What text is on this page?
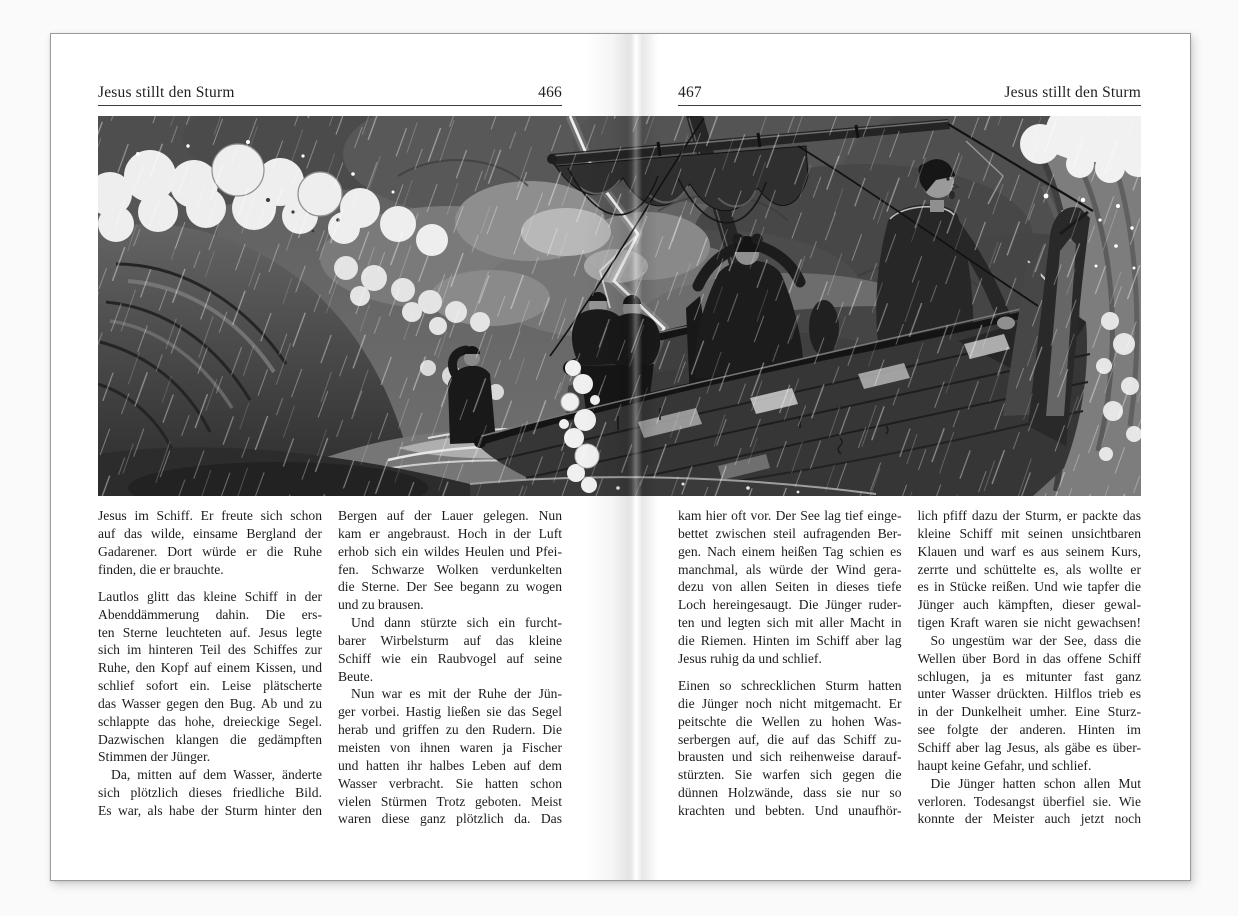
Jesus stillt den Sturm	466
Jesus im Schiff. Er freute sich schon
auf das wilde, einsame Bergland der
Gadarener. Dort würde er die Ruhe
finden, die er brauchte.
Lautlos glitt das kleine Schiff in der
Abenddämmerung dahin. Die ers-
ten Sterne leuchteten auf. Jesus legte
sich im hinteren Teil des Schiffes zur
Ruhe, den Kopf auf einem Kissen, und
schlief sofort ein. Leise plätscherte
das Wasser gegen den Bug. Ab und zu
schlappte das hohe, dreieckige Segel.
Dazwischen klangen die gedämpften
Stimmen der Jünger.
Da, mitten auf dem Wasser, änderte
sich plötzlich dieses friedliche Bild.
Es war, als habe der Sturm hinter den
Bergen auf der Lauer gelegen. Nun
kam er angebraust. Hoch in der Luft
erhob sich ein wildes Heulen und Pfei-
fen. Schwarze Wolken verdunkelten
die Sterne. Der See begann zu wogen
und zu brausen.
Und dann stürzte sich ein furcht-
barer Wirbelsturm auf das kleine
Schiff wie ein Raubvogel auf seine
Beute.
Nun war es mit der Ruhe der Jün-
ger vorbei. Hastig ließen sie das Segel
herab und griffen zu den Rudern. Die
meisten von ihnen waren ja Fischer
und hatten ihr halbes Leben auf dem
Wasser verbracht. Sie hatten schon
vielen Stürmen Trotz geboten. Meist
waren diese ganz plötzlich da. Das
467	Jesus stillt den Sturm
kam hier oft vor. Der See lag tief einge-
bettet zwischen steil aufragenden Ber-
gen. Nach einem heißen Tag schien es
manchmal, als würde der Wind gera-
dezu von allen Seiten in dieses tiefe
Loch hereingesaugt. Die Jünger ruder-
ten und legten sich mit aller Macht in
die Riemen. Hinten im Schiff aber lag
Jesus ruhig da und schlief.
Einen so schrecklichen Sturm hatten
die Jünger noch nicht mitgemacht. Er
peitschte die Wellen zu hohen Was-
serbergen auf, die auf das Schiff zu-
brausten und sich reihenweise darauf-
stürzten. Sie warfen sich gegen die
dünnen Holzwände, dass sie nur so
krachten und bebten. Und unaufhör-
lich pfiff dazu der Sturm, er packte das
kleine Schiff mit seinen unsichtbaren
Klauen und warf es aus seinem Kurs,
zerrte und schüttelte es, als wollte er
es in Stücke reißen. Und wie tapfer die
Jünger auch kämpften, dieser gewal-
tigen Kraft waren sie nicht gewachsen!
So ungestüm war der See, dass die
Wellen über Bord in das offene Schiff
schlugen, ja es mitunter fast ganz
unter Wasser drückten. Hilflos trieb es
in der Dunkelheit umher. Eine Sturz-
see folgte der anderen. Hinten im
Schiff aber lag Jesus, als gäbe es über-
haupt keine Gefahr, und schlief.
Die Jünger hatten schon allen Mut
verloren. Todesangst überfiel sie. Wie
konnte der Meister auch jetzt noch
